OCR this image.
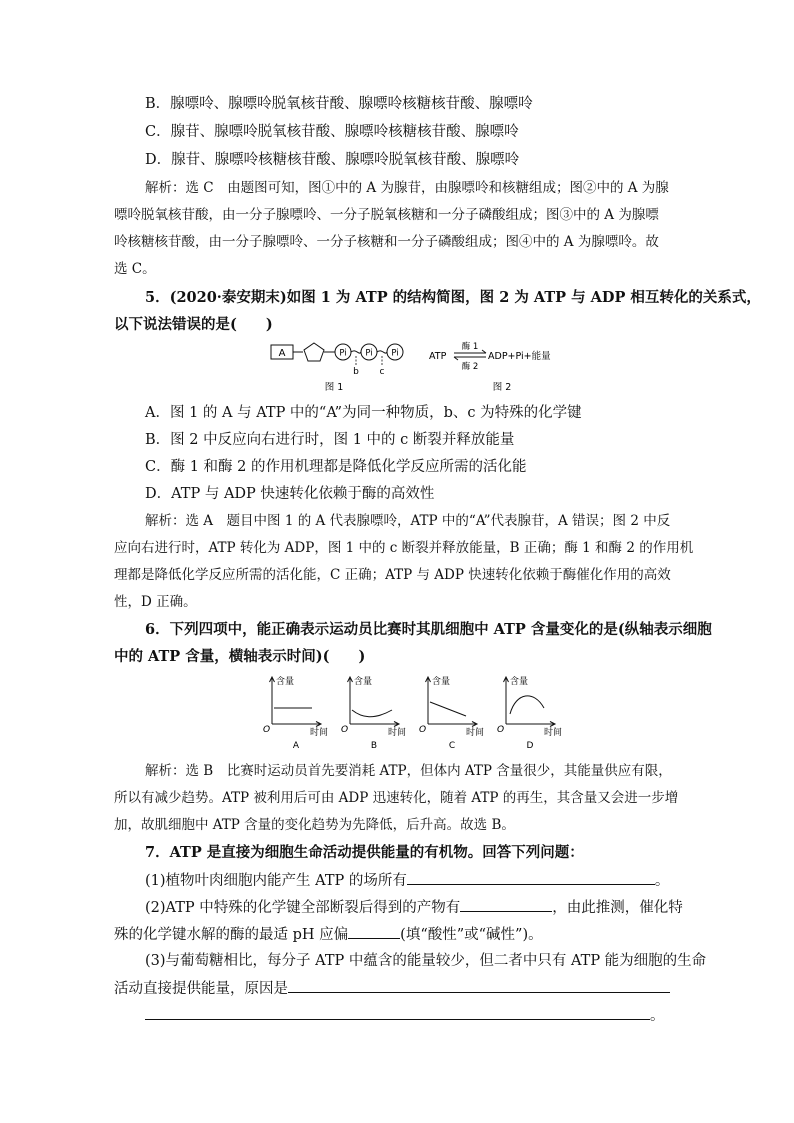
B．腺嘌呤、腺嘌呤脱氧核苷酸、腺嘌呤核糖核苷酸、腺嘌呤
C．腺苷、腺嘌呤脱氧核苷酸、腺嘌呤核糖核苷酸、腺嘌呤
D．腺苷、腺嘌呤核糖核苷酸、腺嘌呤脱氧核苷酸、腺嘌呤
解析：选 C　由题图可知，图①中的 A 为腺苷，由腺嘌呤和核糖组成；图②中的 A 为腺
嘌呤脱氧核苷酸，由一分子腺嘌呤、一分子脱氧核糖和一分子磷酸组成；图③中的 A 为腺嘌
呤核糖核苷酸，由一分子腺嘌呤、一分子核糖和一分子磷酸组成；图④中的 A 为腺嘌呤。故
选 C。
5．(2020·泰安期末)如图 1 为 ATP 的结构简图，图 2 为 ATP 与 ADP 相互转化的关系式，
以下说法错误的是(　　)
A	Pi Pi Pi
b c
图 1
ATP
酶 1
酶 2
ADP+Pi+能量
图 2
A．图 1 的 A 与 ATP 中的“A”为同一种物质，b、c 为特殊的化学键
B．图 2 中反应向右进行时，图 1 中的 c 断裂并释放能量
C．酶 1 和酶 2 的作用机理都是降低化学反应所需的活化能
D．ATP 与 ADP 快速转化依赖于酶的高效性
解析：选 A　题目中图 1 的 A 代表腺嘌呤，ATP 中的“A”代表腺苷，A 错误；图 2 中反
应向右进行时，ATP 转化为 ADP，图 1 中的 c 断裂并释放能量，B 正确；酶 1 和酶 2 的作用机
理都是降低化学反应所需的活化能，C 正确；ATP 与 ADP 快速转化依赖于酶催化作用的高效
性，D 正确。
6．下列四项中，能正确表示运动员比赛时其肌细胞中 ATP 含量变化的是(纵轴表示细胞
中的 ATP 含量，横轴表示时间)(　　)
含量
时间
O
A
含量
时间
O
B
含量
时间
O
C
含量
时间
O
D
解析：选 B　比赛时运动员首先要消耗 ATP，但体内 ATP 含量很少，其能量供应有限，
所以有减少趋势。ATP 被利用后可由 ADP 迅速转化，随着 ATP 的再生，其含量又会进一步增
加，故肌细胞中 ATP 含量的变化趋势为先降低，后升高。故选 B。
7．ATP 是直接为细胞生命活动提供能量的有机物。回答下列问题：
(1)植物叶肉细胞内能产生 ATP 的场所有	。
(2)ATP 中特殊的化学键全部断裂后得到的产物有	，由此推测，催化特
殊的化学键水解的酶的最适 pH 应偏	(填“酸性”或“碱性”)。
(3)与葡萄糖相比，每分子 ATP 中蕴含的能量较少，但二者中只有 ATP 能为细胞的生命
活动直接提供能量，原因是
。
